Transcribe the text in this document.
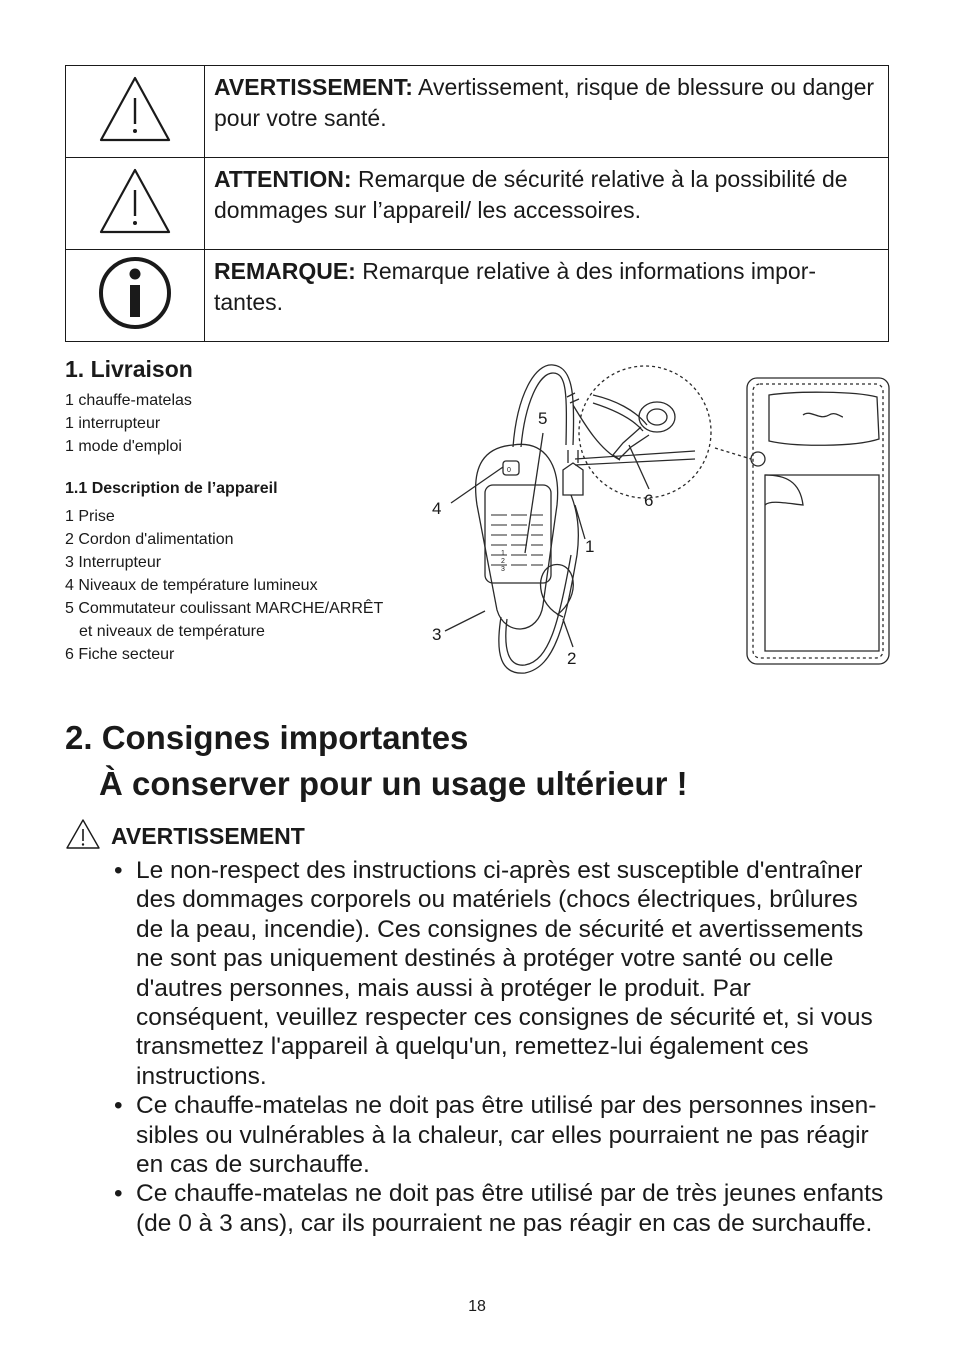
	AVERTISSEMENT: Avertissement, risque de blessure ou danger pour votre santé.
	ATTENTION: Remarque de sécurité relative à la possibilité de dommages sur l’appareil/ les accessoires.
	REMARQUE: Remarque relative à des informations impor-tantes.
1. Livraison
1 chauffe-matelas
1 interrupteur
1 mode d'emploi
1.1 Description de l’appareil
1 Prise
2 Cordon d'alimentation
3 Interrupteur
4 Niveaux de température lumineux
5 Commutateur coulissant MARCHE/ARRÊT
et niveaux de température
6 Fiche secteur
0
1
2
3
5
4	6
1
3
2
2. Consignes importantes
À conserver pour un usage ultérieur !
AVERTISSEMENT
• Le non-respect des instructions ci-après est susceptible d'entraîner des dommages corporels ou matériels (chocs électriques, brûlures de la peau, incendie). Ces consignes de sécurité et avertissements ne sont pas uniquement destinés à protéger votre santé ou celle d'autres personnes, mais aussi à protéger le produit. Par conséquent, veuillez respecter ces consignes de sécurité et, si vous transmettez l'appareil à quelqu'un, remettez-lui également ces instructions.
• Ce chauffe-matelas ne doit pas être utilisé par des personnes insen-sibles ou vulnérables à la chaleur, car elles pourraient ne pas réagir en cas de surchauffe.
• Ce chauffe-matelas ne doit pas être utilisé par de très jeunes enfants (de 0 à 3 ans), car ils pourraient ne pas réagir en cas de surchauffe.
18
